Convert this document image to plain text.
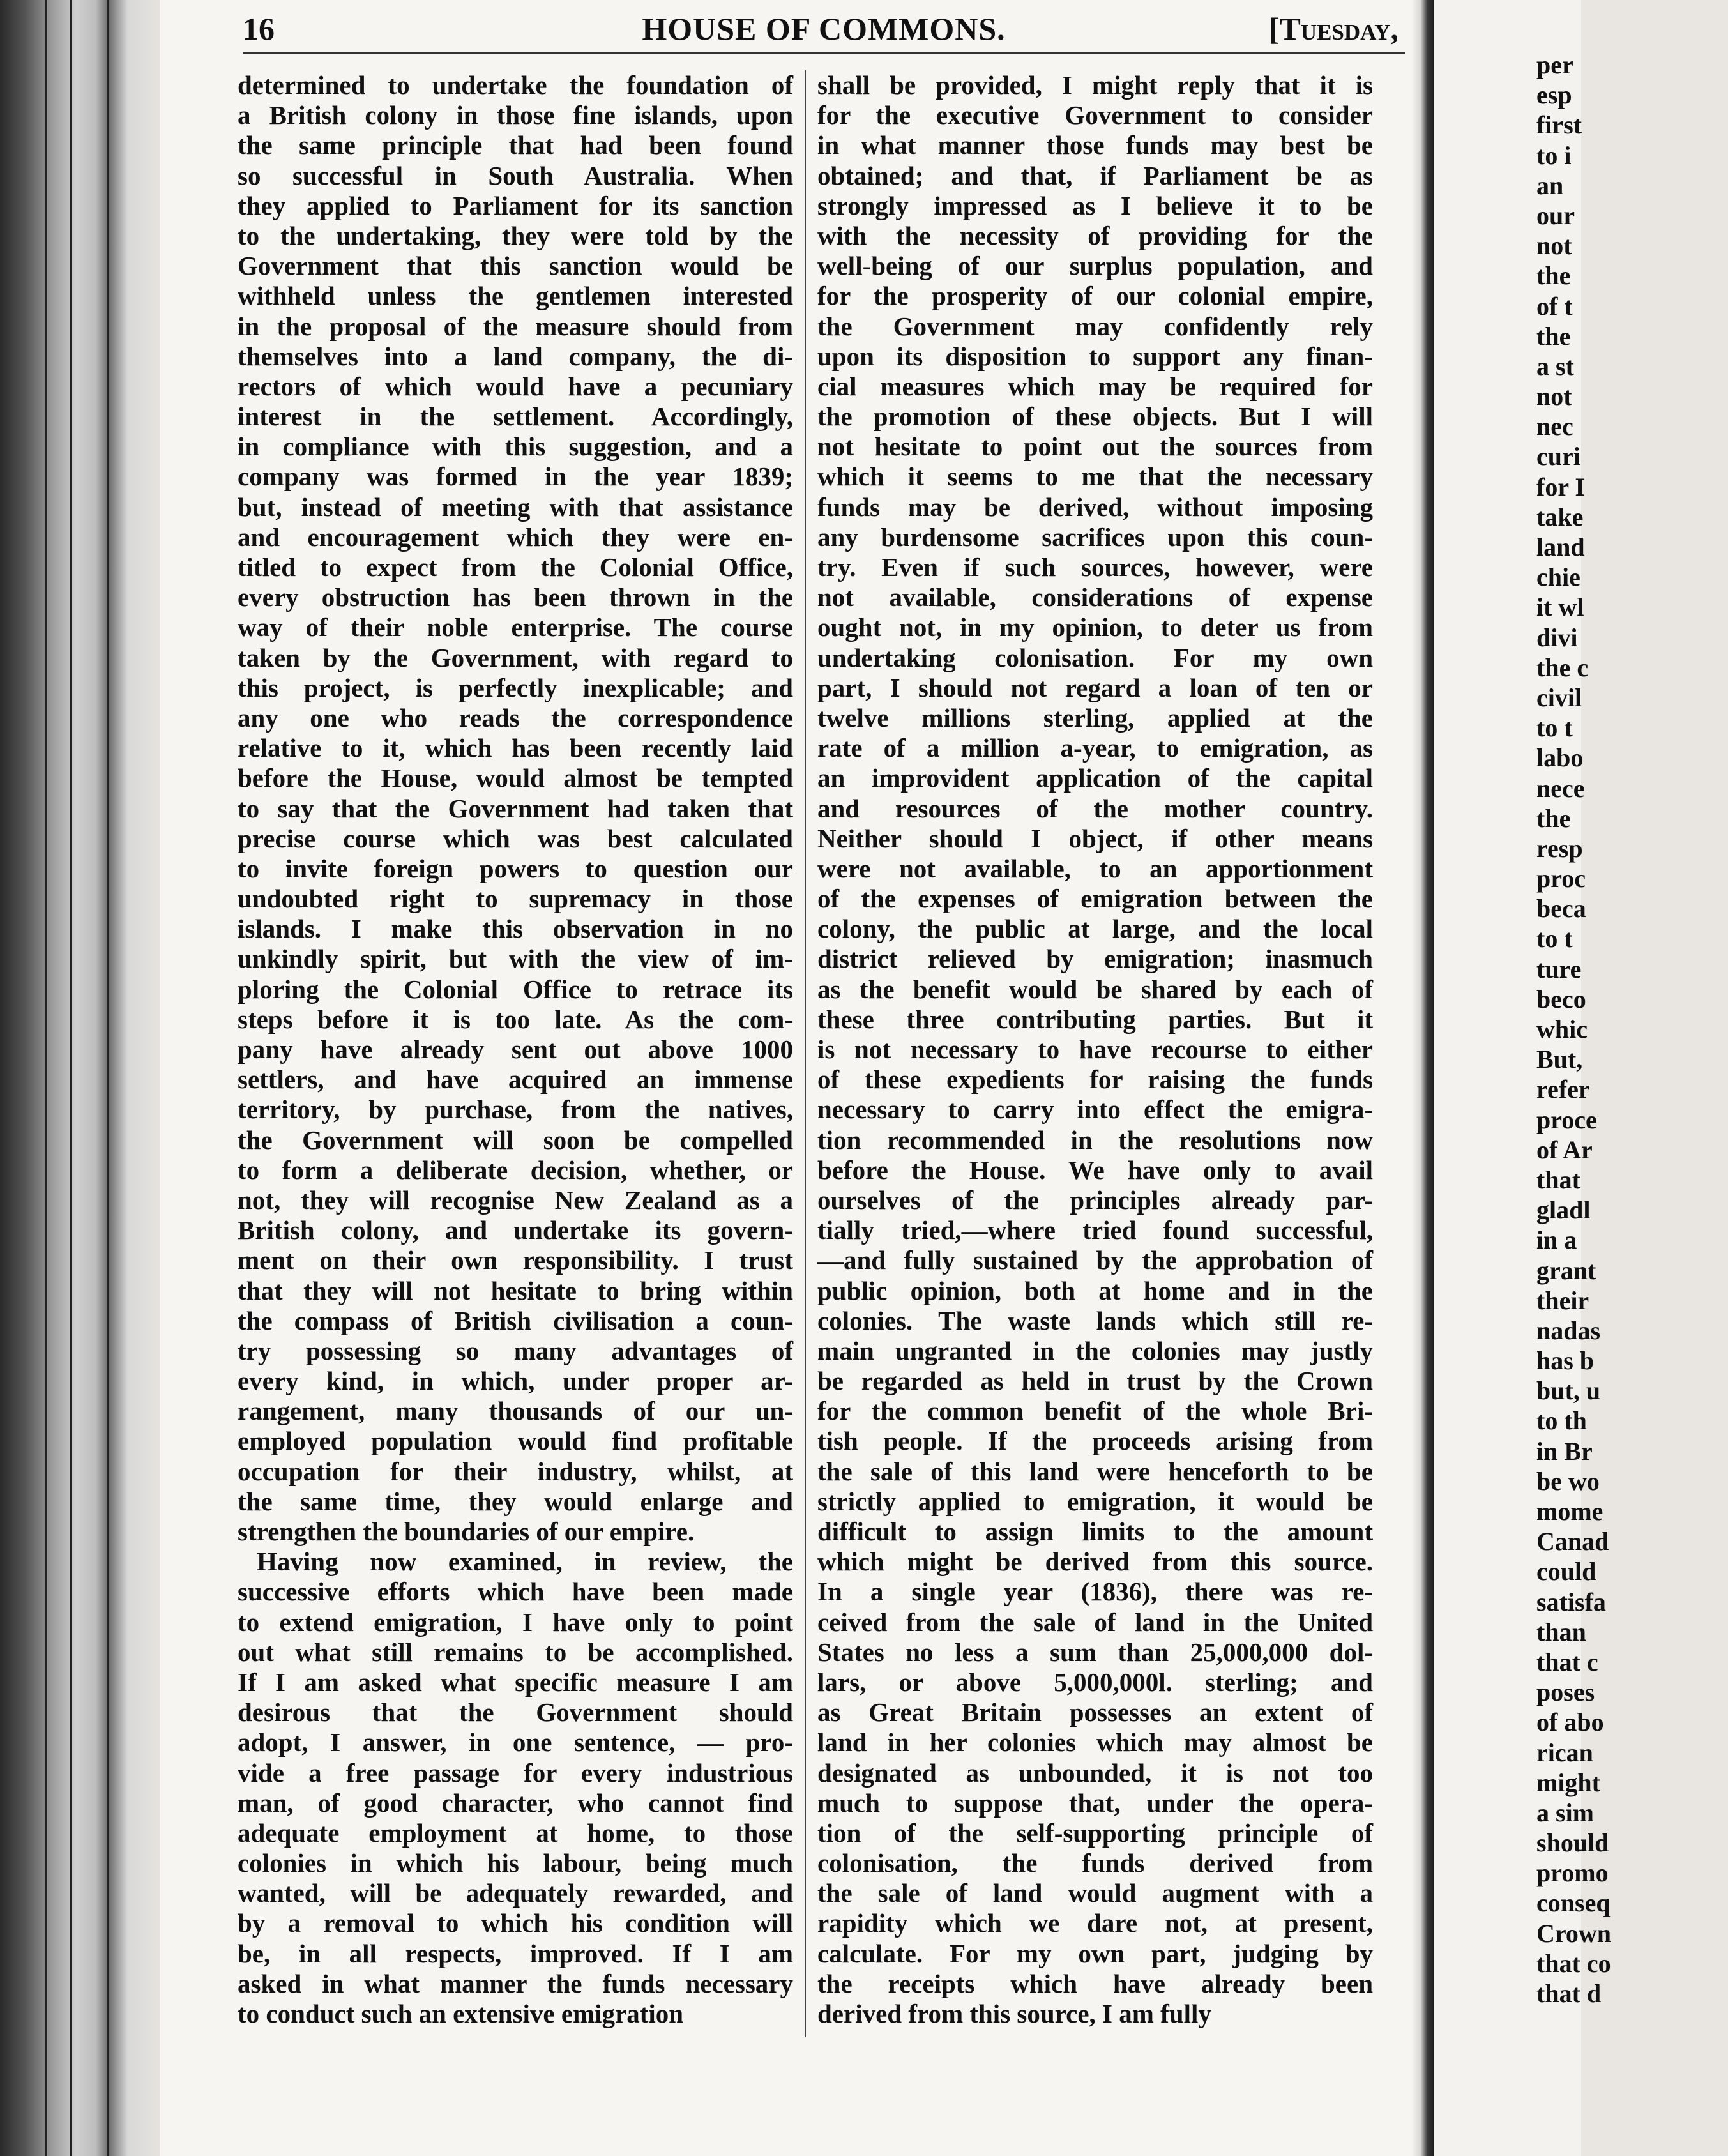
16	HOUSE OF COMMONS.	[Tuesday,
determined to undertake the foundation of
a British colony in those fine islands, upon
the same principle that had been found
so successful in South Australia. When
they applied to Parliament for its sanction
to the undertaking, they were told by the
Government that this sanction would be
withheld unless the gentlemen interested
in the proposal of the measure should from
themselves into a land company, the di-
rectors of which would have a pecuniary
interest in the settlement. Accordingly,
in compliance with this suggestion, and a
company was formed in the year 1839;
but, instead of meeting with that assistance
and encouragement which they were en-
titled to expect from the Colonial Office,
every obstruction has been thrown in the
way of their noble enterprise. The course
taken by the Government, with regard to
this project, is perfectly inexplicable; and
any one who reads the correspondence
relative to it, which has been recently laid
before the House, would almost be tempted
to say that the Government had taken that
precise course which was best calculated
to invite foreign powers to question our
undoubted right to supremacy in those
islands. I make this observation in no
unkindly spirit, but with the view of im-
ploring the Colonial Office to retrace its
steps before it is too late. As the com-
pany have already sent out above 1000
settlers, and have acquired an immense
territory, by purchase, from the natives,
the Government will soon be compelled
to form a deliberate decision, whether, or
not, they will recognise New Zealand as a
British colony, and undertake its govern-
ment on their own responsibility. I trust
that they will not hesitate to bring within
the compass of British civilisation a coun-
try possessing so many advantages of
every kind, in which, under proper ar-
rangement, many thousands of our un-
employed population would find profitable
occupation for their industry, whilst, at
the same time, they would enlarge and
strengthen the boundaries of our empire.
Having now examined, in review, the
successive efforts which have been made
to extend emigration, I have only to point
out what still remains to be accomplished.
If I am asked what specific measure I am
desirous that the Government should
adopt, I answer, in one sentence, — pro-
vide a free passage for every industrious
man, of good character, who cannot find
adequate employment at home, to those
colonies in which his labour, being much
wanted, will be adequately rewarded, and
by a removal to which his condition will
be, in all respects, improved. If I am
asked in what manner the funds necessary
to conduct such an extensive emigration
shall be provided, I might reply that it is
for the executive Government to consider
in what manner those funds may best be
obtained; and that, if Parliament be as
strongly impressed as I believe it to be
with the necessity of providing for the
well-being of our surplus population, and
for the prosperity of our colonial empire,
the Government may confidently rely
upon its disposition to support any finan-
cial measures which may be required for
the promotion of these objects. But I will
not hesitate to point out the sources from
which it seems to me that the necessary
funds may be derived, without imposing
any burdensome sacrifices upon this coun-
try. Even if such sources, however, were
not available, considerations of expense
ought not, in my opinion, to deter us from
undertaking colonisation. For my own
part, I should not regard a loan of ten or
twelve millions sterling, applied at the
rate of a million a-year, to emigration, as
an improvident application of the capital
and resources of the mother country.
Neither should I object, if other means
were not available, to an apportionment
of the expenses of emigration between the
colony, the public at large, and the local
district relieved by emigration; inasmuch
as the benefit would be shared by each of
these three contributing parties. But it
is not necessary to have recourse to either
of these expedients for raising the funds
necessary to carry into effect the emigra-
tion recommended in the resolutions now
before the House. We have only to avail
ourselves of the principles already par-
tially tried,—where tried found successful,
—and fully sustained by the approbation of
public opinion, both at home and in the
colonies. The waste lands which still re-
main ungranted in the colonies may justly
be regarded as held in trust by the Crown
for the common benefit of the whole Bri-
tish people. If the proceeds arising from
the sale of this land were henceforth to be
strictly applied to emigration, it would be
difficult to assign limits to the amount
which might be derived from this source.
In a single year (1836), there was re-
ceived from the sale of land in the United
States no less a sum than 25,000,000 dol-
lars, or above 5,000,000l. sterling; and
as Great Britain possesses an extent of
land in her colonies which may almost be
designated as unbounded, it is not too
much to suppose that, under the opera-
tion of the self-supporting principle of
colonisation, the funds derived from
the sale of land would augment with a
rapidity which we dare not, at present,
calculate. For my own part, judging by
the receipts which have already been
derived from this source, I am fully
per
esp
first
to i
an
our
not
the
of t
the
a st
not
nec
curi
for I
take
land
chie
it wl
divi
the c
civil
to t
labo
nece
the
resp
proc
beca
to t
ture
beco
whic
But,
refer
proce
of Ar
that
gladl
in a
grant
their
nadas
has b
but, u
to th
in Br
be wo
mome
Canad
could
satisfa
than
that c
poses
of abo
rican
might
a sim
should
promo
conseq
Crown
that co
that d
